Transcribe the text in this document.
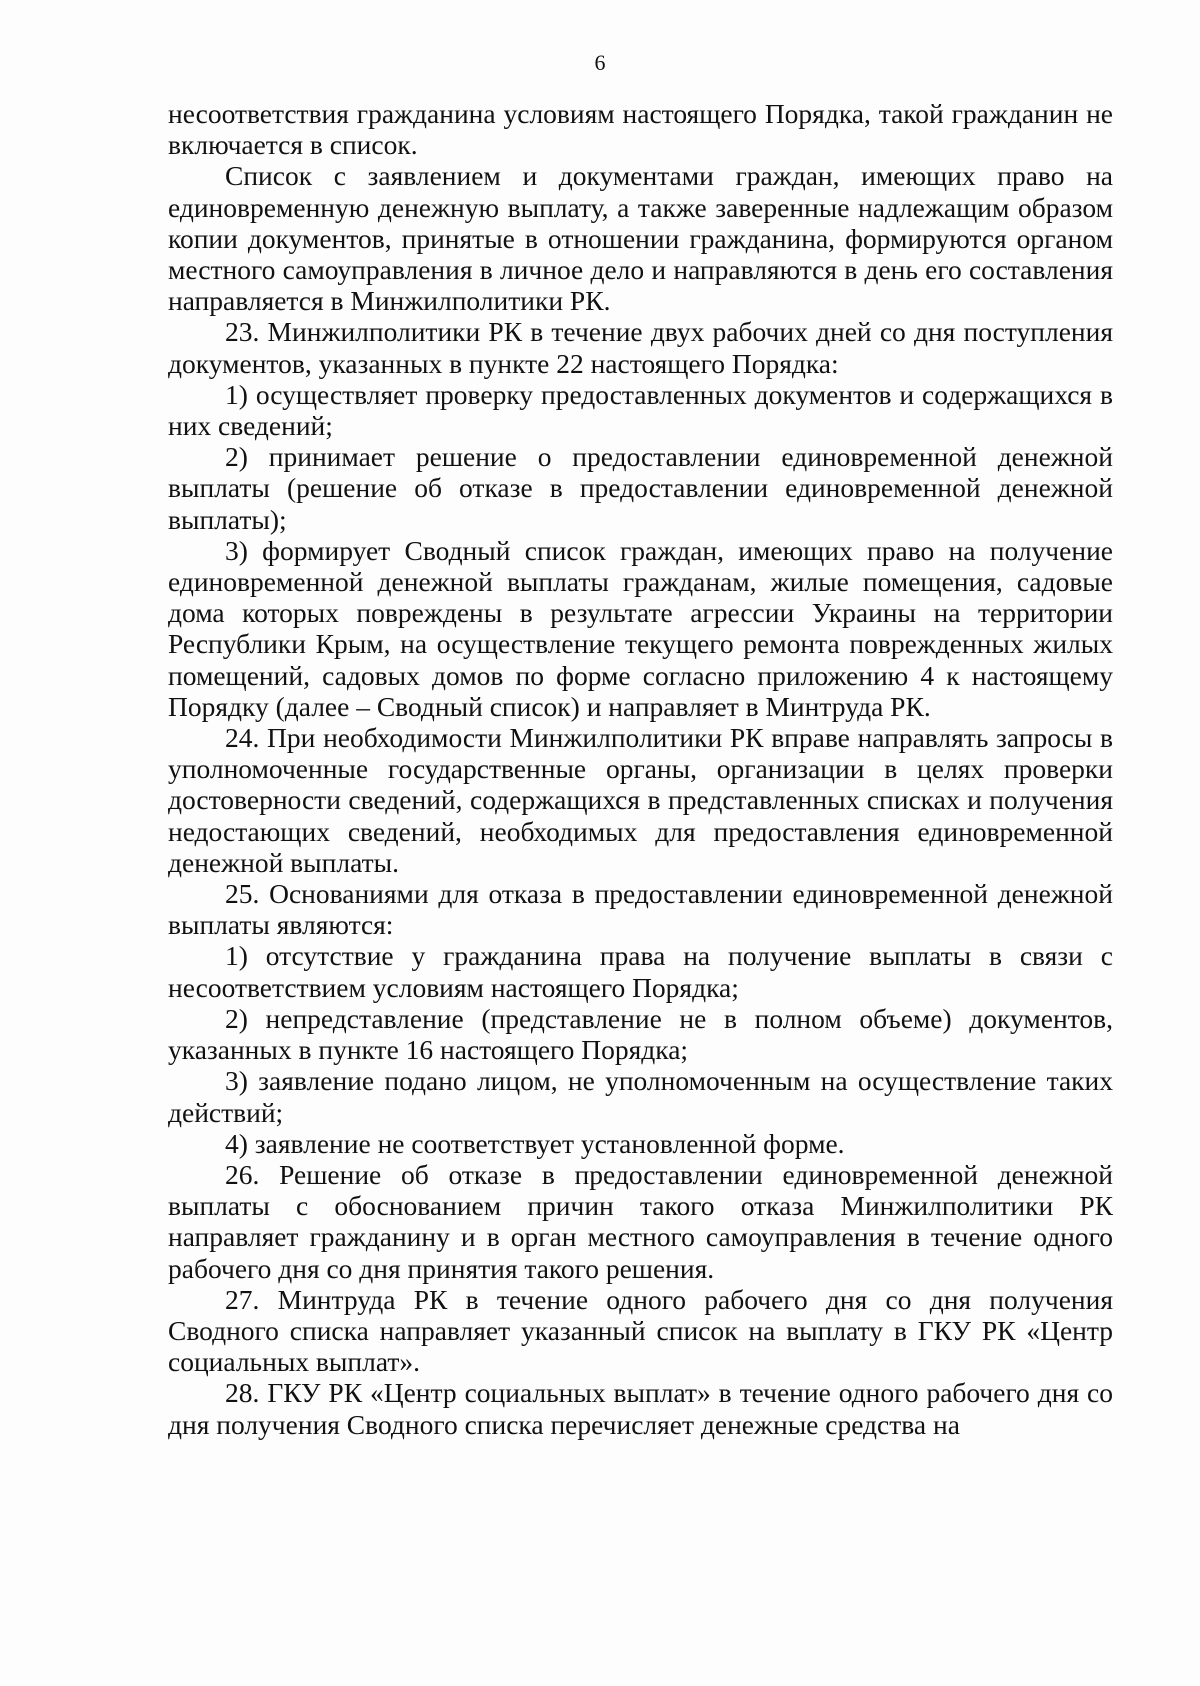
6

несоответствия гражданина условиям настоящего Порядка, такой гражданин не включается в список.

Список с заявлением и документами граждан, имеющих право на единовременную денежную выплату, а также заверенные надлежащим образом копии документов, принятые в отношении гражданина, формируются органом местного самоуправления в личное дело и направляются в день его составления направляется в Минжилполитики РК.

23. Минжилполитики РК в течение двух рабочих дней со дня поступления документов, указанных в пункте 22 настоящего Порядка:

1) осуществляет проверку предоставленных документов и содержащихся в них сведений;

2) принимает решение о предоставлении единовременной денежной выплаты (решение об отказе в предоставлении единовременной денежной выплаты);

3) формирует Сводный список граждан, имеющих право на получение единовременной денежной выплаты гражданам, жилые помещения, садовые дома которых повреждены в результате агрессии Украины на территории Республики Крым, на осуществление текущего ремонта поврежденных жилых помещений, садовых домов по форме согласно приложению 4 к настоящему Порядку (далее – Сводный список) и направляет в Минтруда РК.

24. При необходимости Минжилполитики РК вправе направлять запросы в уполномоченные государственные органы, организации в целях проверки достоверности сведений, содержащихся в представленных списках и получения недостающих сведений, необходимых для предоставления единовременной денежной выплаты.

25. Основаниями для отказа в предоставлении единовременной денежной выплаты являются:

1) отсутствие у гражданина права на получение выплаты в связи с несоответствием условиям настоящего Порядка;

2) непредставление (представление не в полном объеме) документов, указанных в пункте 16 настоящего Порядка;

3) заявление подано лицом, не уполномоченным на осуществление таких действий;

4) заявление не соответствует установленной форме.

26. Решение об отказе в предоставлении единовременной денежной выплаты с обоснованием причин такого отказа Минжилполитики РК направляет гражданину и в орган местного самоуправления в течение одного рабочего дня со дня принятия такого решения.

27. Минтруда РК в течение одного рабочего дня со дня получения Сводного списка направляет указанный список на выплату в ГКУ РК «Центр социальных выплат».

28. ГКУ РК «Центр социальных выплат» в течение одного рабочего дня со дня получения Сводного списка перечисляет денежные средства на
